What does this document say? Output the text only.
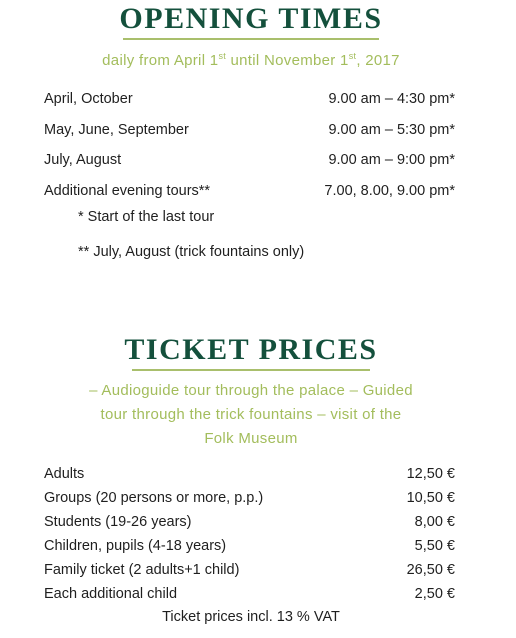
OPENING TIMES
daily from April 1st until November 1st, 2017
April, October	9.00 am – 4:30 pm*
May, June, September	9.00 am – 5:30 pm*
July, August	9.00 am – 9:00 pm*
Additional evening tours**	7.00, 8.00, 9.00 pm*
* Start of the last tour
** July, August (trick fountains only)
TICKET PRICES
– Audioguide tour through the palace – Guided
tour through the trick fountains – visit of the
Folk Museum
Adults	12,50 €
Groups (20 persons or more, p.p.)	10,50 €
Students (19-26 years)	8,00 €
Children, pupils (4-18 years)	5,50 €
Family ticket (2 adults+1 child)	26,50 €
Each additional child	2,50 €
Ticket prices incl. 13 % VAT
